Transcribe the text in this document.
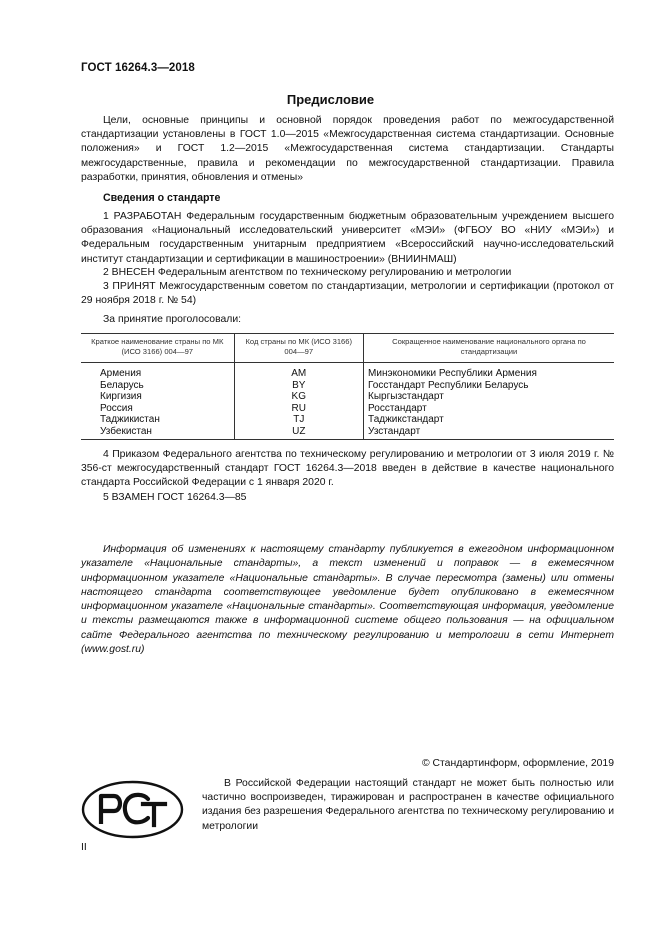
ГОСТ 16264.3—2018
Предисловие
Цели, основные принципы и основной порядок проведения работ по межгосударственной стандартизации установлены в ГОСТ 1.0—2015 «Межгосударственная система стандартизации. Основные положения» и ГОСТ 1.2—2015 «Межгосударственная система стандартизации. Стандарты межгосударственные, правила и рекомендации по межгосударственной стандартизации. Правила разработки, принятия, обновления и отмены»
Сведения о стандарте
1 РАЗРАБОТАН Федеральным государственным бюджетным образовательным учреждением высшего образования «Национальный исследовательский университет «МЭИ» (ФГБОУ ВО «НИУ «МЭИ») и Федеральным государственным унитарным предприятием «Всероссийский научно-исследовательский институт стандартизации и сертификации в машиностроении» (ВНИИНМАШ)
2 ВНЕСЕН Федеральным агентством по техническому регулированию и метрологии
3 ПРИНЯТ Межгосударственным советом по стандартизации, метрологии и сертификации (протокол от 29 ноября 2018 г. № 54)
За принятие проголосовали:
Краткое наименование страны по МК (ИСО 3166) 004—97	Код страны по МК (ИСО 3166) 004—97	Сокращенное наименование национального органа по стандартизации
Армения	AM	Минэкономики Республики Армения
Беларусь	BY	Госстандарт Республики Беларусь
Киргизия	KG	Кыргызстандарт
Россия	RU	Росстандарт
Таджикистан	TJ	Таджикстандарт
Узбекистан	UZ	Узстандарт
4 Приказом Федерального агентства по техническому регулированию и метрологии от 3 июля 2019 г. № 356-ст межгосударственный стандарт ГОСТ 16264.3—2018 введен в действие в качестве национального стандарта Российской Федерации с 1 января 2020 г.
5 ВЗАМЕН ГОСТ 16264.3—85
Информация об изменениях к настоящему стандарту публикуется в ежегодном информационном указателе «Национальные стандарты», а текст изменений и поправок — в ежемесячном информационном указателе «Национальные стандарты». В случае пересмотра (замены) или отмены настоящего стандарта соответствующее уведомление будет опубликовано в ежемесячном информационном указателе «Национальные стандарты». Соответствующая информация, уведомление и тексты размещаются также в информационной системе общего пользования — на официальном сайте Федерального агентства по техническому регулированию и метрологии в сети Интернет (www.gost.ru)
© Стандартинформ, оформление, 2019
В Российской Федерации настоящий стандарт не может быть полностью или частично воспроизведен, тиражирован и распространен в качестве официального издания без разрешения Федерального агентства по техническому регулированию и метрологии
II
